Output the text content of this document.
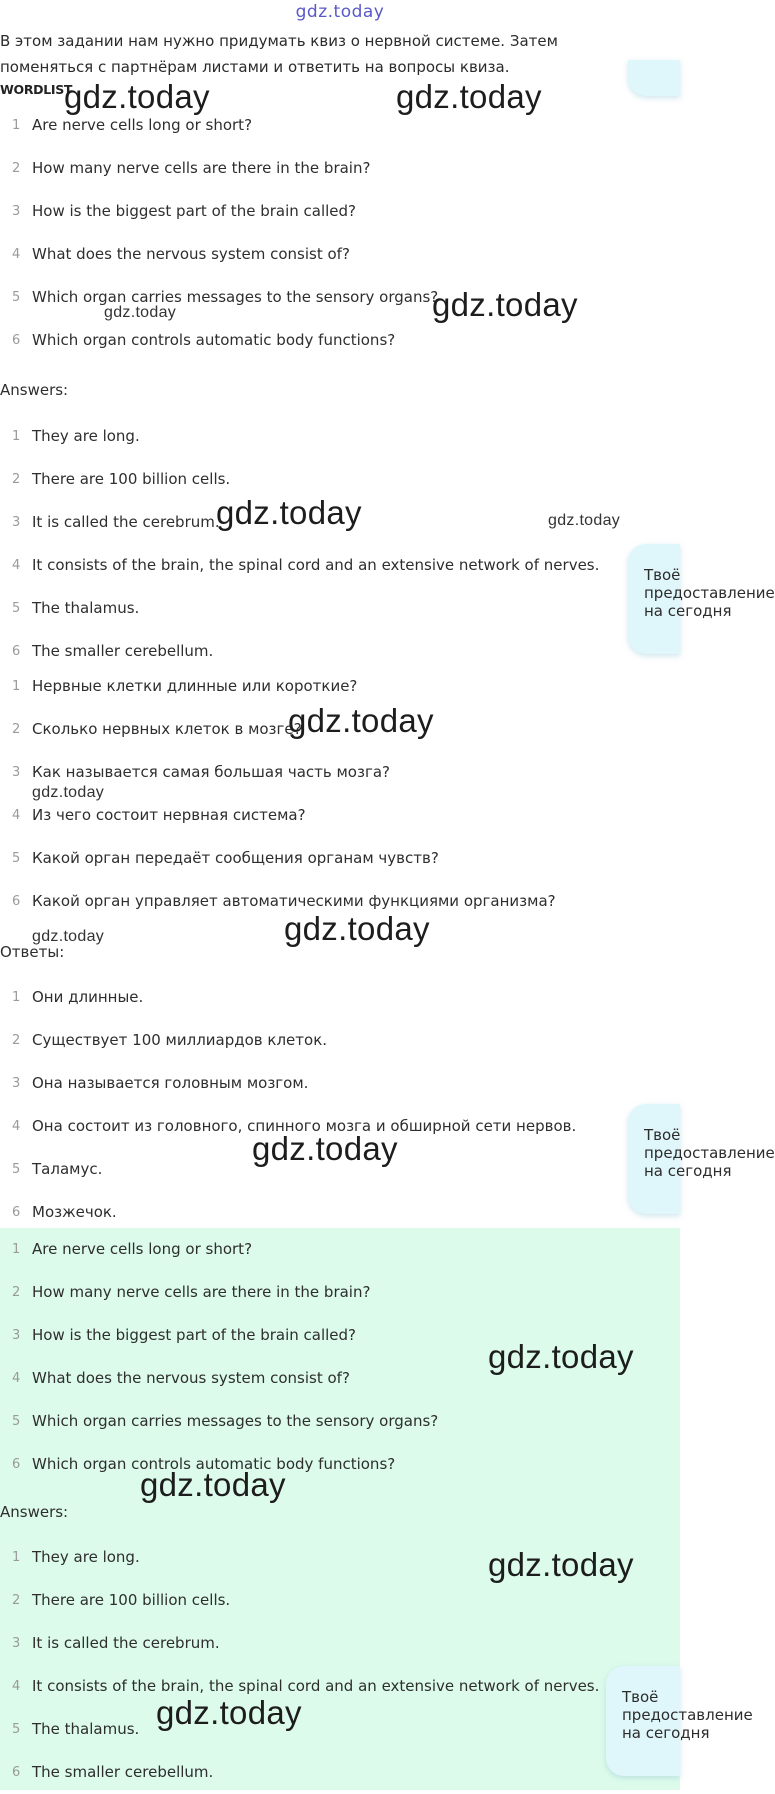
gdz.today

В этом задании нам нужно придумать квиз о нервной системе. Затем поменяться с партнёрам листами и ответить на вопросы квиза.

WORDLIST
Твоё
предоставление
на сегодня
Твоё
предоставление
на сегодня
1 Are nerve cells long or short?
2 How many nerve cells are there in the brain?
3 How is the biggest part of the brain called?
4 What does the nervous system consist of?
5 Which organ carries messages to the sensory organs?
6 Which organ controls automatic body functions?
Answers:
1 They are long.
2 There are 100 billion cells.
3 It is called the cerebrum.
4 It consists of the brain, the spinal cord and an extensive network of nerves.
5 The thalamus.
6 The smaller cerebellum.
1 Нервные клетки длинные или короткие?
2 Сколько нервных клеток в мозге?
3 Как называется самая большая часть мозга?
4 Из чего состоит нервная система?
5 Какой орган передаёт сообщения органам чувств?
6 Какой орган управляет автоматическими функциями организма?
Ответы:
1 Они длинные.
2 Существует 100 миллиардов клеток.
3 Она называется головным мозгом.
4 Она состоит из головного, спинного мозга и обширной сети нервов.
5 Таламус.
6 Мозжечок.
1 Are nerve cells long or short?
2 How many nerve cells are there in the brain?
3 How is the biggest part of the brain called?
4 What does the nervous system consist of?
5 Which organ carries messages to the sensory organs?
6 Which organ controls automatic body functions?
Answers:
1 They are long.
2 There are 100 billion cells.
3 It is called the cerebrum.
4 It consists of the brain, the spinal cord and an extensive network of nerves.
5 The thalamus.
6 The smaller cerebellum.
Твоё
предоставление
на сегодня
gdz.today	gdz.today
gdz.today
gdz.today
gdz.today	gdz.today
gdz.today
gdz.today
gdz.today
gdz.today
gdz.today
gdz.today
gdz.today
gdz.today
gdz.today
